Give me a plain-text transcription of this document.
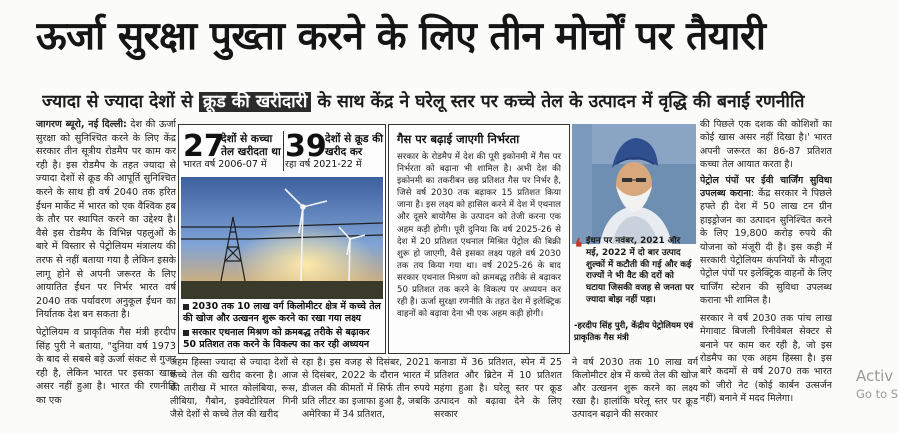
ऊर्जा सुरक्षा पुख्ता करने के लिए तीन मोर्चों पर तैयारी
ज्यादा से ज्यादा देशों से क्रूड की खरीदारी के साथ केंद्र ने घरेलू स्तर पर कच्चे तेल के उत्पादन में वृद्धि की बनाई रणनीति
जागरण ब्यूरो, नई दिल्ली: देश की ऊर्जा सुरक्षा को सुनिश्चित करने के लिए केंद्र सरकार तीन सूत्रीय रोडमैप पर काम कर रही है। इस रोडमैप के तहत ज्यादा से ज्यादा देशों से क्रूड की आपूर्ति सुनिश्चित करने के साथ ही वर्ष 2040 तक हरित ईंधन मार्केट में भारत को एक वैश्विक हब के तौर पर स्थापित करने का उद्देश्य है। वैसे इस रोडमैप के विभिन्न पहलुओं के बारे में विस्तार से पेट्रोलियम मंत्रालय की तरफ से नहीं बताया गया है लेकिन इसके लागू होने से अपनी जरूरत के लिए आयातित ईंधन पर निर्भर भारत वर्ष 2040 तक पर्यावरण अनुकूल ईंधन का निर्यातक देश बन सकता है।
पेट्रोलियम व प्राकृतिक गैस मंत्री हरदीप सिंह पुरी ने बताया, "दुनिया वर्ष 1973 के बाद से सबसे बड़े ऊर्जा संकट से गुजर रही है, लेकिन भारत पर इसका खास असर नहीं हुआ है। भारत की रणनीति का एक
27
देशों से कच्चा तेल खरीदता था
भारत वर्ष 2006-07 में
39
देशों से क्रूड की खरीद कर
रहा वर्ष 2021-22 में
2030 तक 10 लाख वर्ग किलोमीटर क्षेत्र में कच्चे तेल की खोज और उत्खनन शुरू करने का रखा गया लक्ष्य
सरकार एथनाल मिश्रण को क्रमबद्ध तरीके से बढ़ाकर 50 प्रतिशत तक करने के विकल्प का कर रही अध्ययन
गैस पर बढ़ाई जाएगी निर्भरता
सरकार के रोडमैप में देश की पूरी इकोनमी में गैस पर निर्भरता को बढ़ाना भी शामिल है। अभी देश की इकोनमी का तकरीबन छह प्रतिशत गैस पर निर्भर है, जिसे वर्ष 2030 तक बढ़ाकर 15 प्रतिशत किया जाना है। इस लक्ष्य को हासिल करने में देश में एथनाल और दूसरे बायोगैस के उत्पादन को तेजी करना एक अहम कड़ी होगी। पूरी दुनिया कि वर्ष 2025-26 से देश में 20 प्रतिशत एथनाल मिश्रित पेट्रोल की बिक्री शुरू हो जाएगी, वैसे इसका लक्ष्य पहले वर्ष 2030 तक तय किया गया था। वर्ष 2025-26 के बाद सरकार एथनाल मिश्रण को क्रमबद्ध तरीके से बढ़ाकर 50 प्रतिशत तक करने के विकल्प पर अध्ययन कर रही है। ऊर्जा सुरक्षा रणनीति के तहत देश में इलेक्ट्रिक वाहनों को बढ़ावा देना भी एक अहम कड़ी होगी।
❛ ईंधन पर नवंबर, 2021 और मई, 2022 में दो बार उत्पाद शुल्कों में कटौती की गई और कई राज्यों ने भी वैट की दरों को घटाया जिसकी वजह से जनता पर ज्यादा बोझ नहीं पड़ा।
-हरदीप सिंह पुरी, केंद्रीय पेट्रोलियम एवं प्राकृतिक गैस मंत्री
की पिछले एक दशक की कोशिशों का कोई खास असर नहीं दिखा है।' भारत अपनी जरूरत का 86-87 प्रतिशत कच्चा तेल आयात करता है।
पेट्रोल पंपों पर ईवी चार्जिंग सुविधा उपलब्ध कराना: केंद्र सरकार ने पिछले हफ्ते ही देश में 50 लाख टन ग्रीन हाइड्रोजन का उत्पादन सुनिश्चित करने के लिए 19,800 करोड़ रुपये की योजना को मंजूरी दी है। इस कड़ी में सरकारी पेट्रोलियम कंपनियों के मौजूदा पेट्रोल पंपों पर इलेक्ट्रिक वाहनों के लिए चार्जिंग स्टेशन की सुविधा उपलब्ध कराना भी शामिल है।
सरकार ने वर्ष 2030 तक पांच लाख मेगावाट बिजली रिनीवेबल सेक्टर से बनाने पर काम कर रही है, जो इस रोडमैप का एक अहम हिस्सा है। इस बारे कदमों से वर्ष 2070 तक भारत को जीरो नेट (कोई कार्बन उत्सर्जन नहीं) बनाने में मदद मिलेगा।
अहम हिस्सा ज्यादा से ज्यादा देशों से कच्चे तेल की खरीद करना है। आज की तारीख में भारत कोलंबिया, रूस, लीबिया, गैबोन, इक्वेटोरियल गिनी जैसे देशों से कच्चे तेल की खरीद
रहा है। इस वजह से दिसंबर, 2021 से दिसंबर, 2022 के दौरान भारत में डीजल की कीमतों में सिर्फ तीन रुपये प्रति लीटर का इजाफा हुआ है, जबकि अमेरिका में 34 प्रतिशत,
कनाडा में 36 प्रतिशत, स्पेन में 25 प्रतिशत और ब्रिटेन में 10 प्रतिशत महंगा हुआ है। घरेलू स्तर पर क्रूड उत्पादन को बढ़ावा देने के लिए सरकार
ने वर्ष 2030 तक 10 लाख वर्ग किलोमीटर क्षेत्र में कच्चे तेल की खोज और उत्खनन शुरू करने का लक्ष्य रखा है। हालांकि घरेलू स्तर पर क्रूड उत्पादन बढ़ाने की सरकार
Activ
Go to S
